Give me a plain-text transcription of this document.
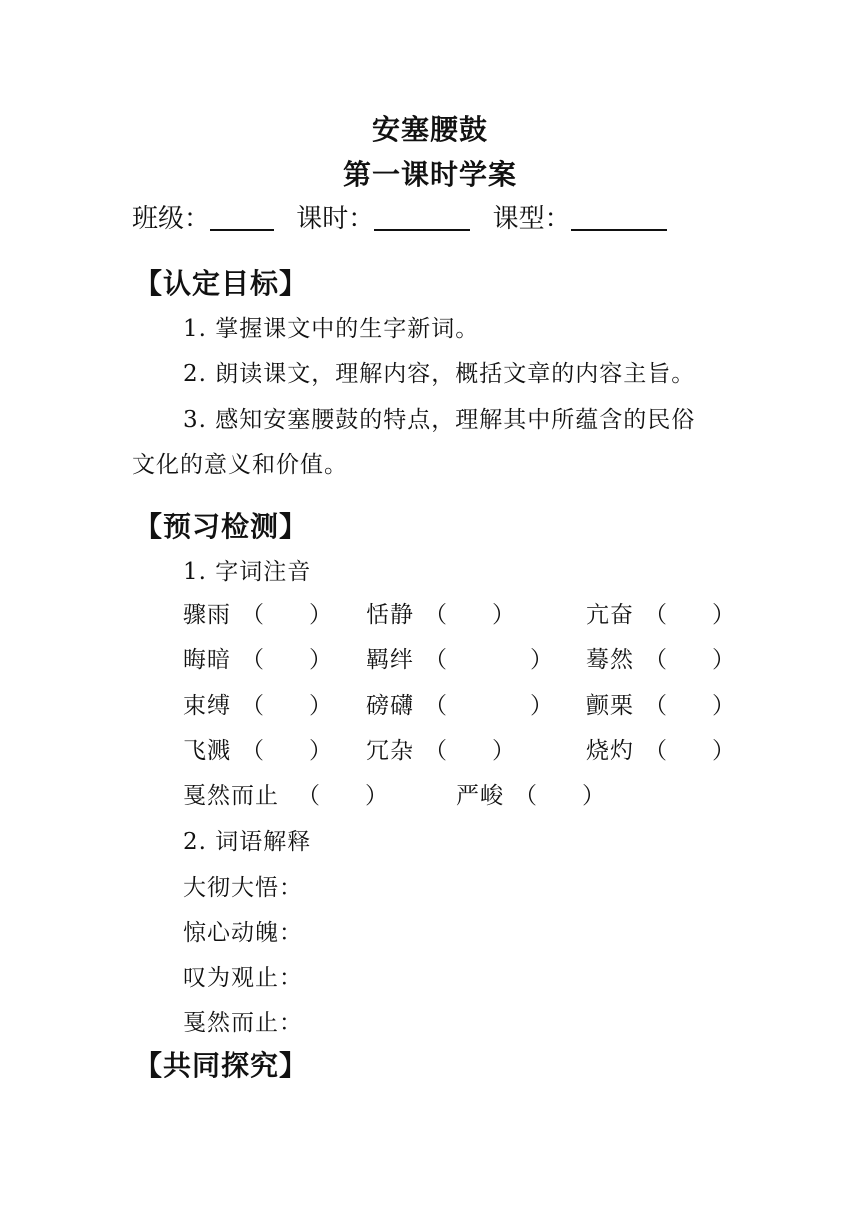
安塞腰鼓
第一课时学案
班级：	课时：	课型：
【认定目标】
1. 掌握课文中的生字新词。
2. 朗读课文，理解内容，概括文章的内容主旨。
3. 感知安塞腰鼓的特点，理解其中所蕴含的民俗
文化的意义和价值。
【预习检测】
1. 字词注音
骤雨 （ ） 恬静 （ ）	亢奋 （ ）
晦暗 （ ） 羁绊 （	） 蓦然 （ ）
束缚 （ ） 磅礴 （	） 颤栗 （ ）
飞溅 （ ） 冗杂 （ ）	烧灼 （ ）
戛然而止 （ ）	严峻 （ ）
2. 词语解释
大彻大悟：
惊心动魄：
叹为观止：
戛然而止：
【共同探究】
